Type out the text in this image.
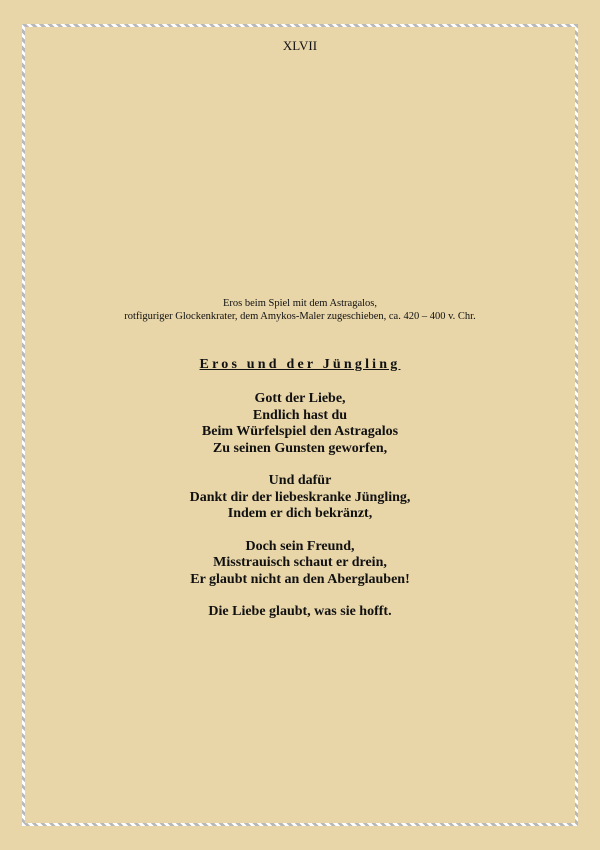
XLVII
Eros beim Spiel mit dem Astragalos,
rotfiguriger Glockenkrater, dem Amykos-Maler zugeschieben, ca. 420 – 400 v. Chr.
Eros und der Jüngling
Gott der Liebe,
Endlich hast du
Beim Würfelspiel den Astragalos
Zu seinen Gunsten geworfen,
Und dafür
Dankt dir der liebeskranke Jüngling,
Indem er dich bekränzt,
Doch sein Freund,
Misstrauisch schaut er drein,
Er glaubt nicht an den Aberglauben!
Die Liebe glaubt, was sie hofft.
